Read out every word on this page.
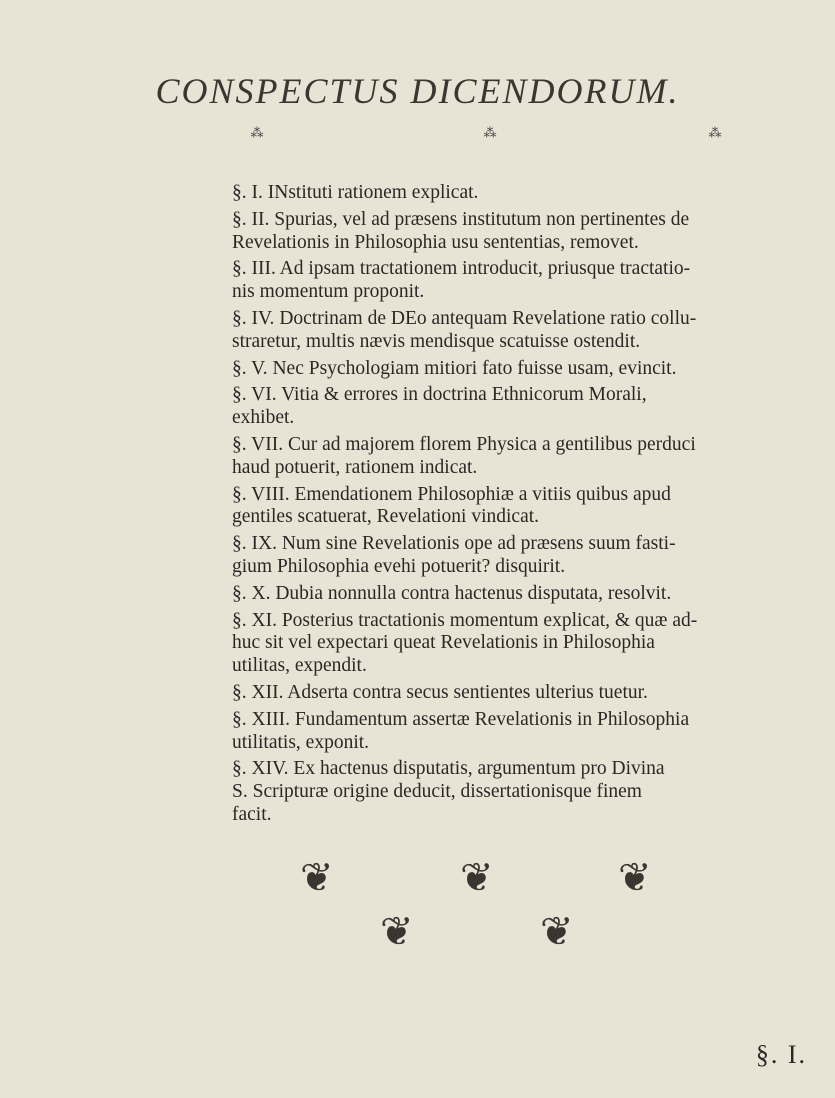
CONSPECTUS DICENDORUM.
⁂	⁂	⁂
§. I. INstituti rationem explicat.
§. II. Spurias, vel ad præsens institutum non pertinentes de
Revelationis in Philosophia usu sententias, removet.
§. III. Ad ipsam tractationem introducit, priusque tractatio-
nis momentum proponit.
§. IV. Doctrinam de DEo antequam Revelatione ratio collu-
straretur, multis nævis mendisque scatuisse ostendit.
§. V. Nec Psychologiam mitiori fato fuisse usam, evincit.
§. VI. Vitia & errores in doctrina Ethnicorum Morali,
exhibet.
§. VII. Cur ad majorem florem Physica a gentilibus perduci
haud potuerit, rationem indicat.
§. VIII. Emendationem Philosophiæ a vitiis quibus apud
gentiles scatuerat, Revelationi vindicat.
§. IX. Num sine Revelationis ope ad præsens suum fasti-
gium Philosophia evehi potuerit? disquirit.
§. X. Dubia nonnulla contra hactenus disputata, resolvit.
§. XI. Posterius tractationis momentum explicat, & quæ ad-
huc sit vel expectari queat Revelationis in Philosophia
utilitas, expendit.
§. XII. Adserta contra secus sentientes ulterius tuetur.
§. XIII. Fundamentum assertæ Revelationis in Philosophia
utilitatis, exponit.
§. XIV. Ex hactenus disputatis, argumentum pro Divina
S. Scripturæ origine deducit, dissertationisque finem
facit.
❦	❦	❦
❦	❦
§. I.
